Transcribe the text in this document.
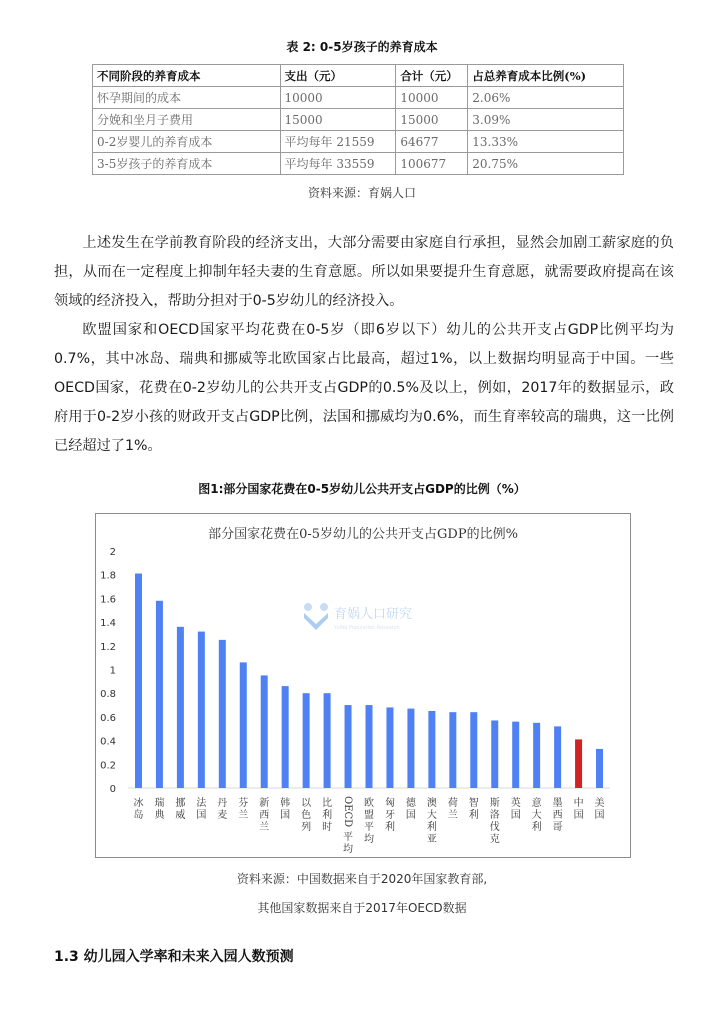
表 2: 0-5岁孩子的养育成本
不同阶段的养育成本	支出（元）	合计（元）	占总养育成本比例(%)
怀孕期间的成本	10000	10000	2.06%
分娩和坐月子费用	15000	15000	3.09%
0-2岁婴儿的养育成本	平均每年 21559	64677	13.33%
3-5岁孩子的养育成本	平均每年 33559	100677	20.75%
资料来源：育娲人口

上述发生在学前教育阶段的经济支出，大部分需要由家庭自行承担，显然会加剧工薪家庭的负担，从而在一定程度上抑制年轻夫妻的生育意愿。所以如果要提升生育意愿，就需要政府提高在该领域的经济投入，帮助分担对于0-5岁幼儿的经济投入。

欧盟国家和OECD国家平均花费在0-5岁（即6岁以下）幼儿的公共开支占GDP比例平均为0.7%，其中冰岛、瑞典和挪威等北欧国家占比最高，超过1%，以上数据均明显高于中国。一些OECD国家，花费在0-2岁幼儿的公共开支占GDP的0.5%及以上，例如，2017年的数据显示，政府用于0-2岁小孩的财政开支占GDP比例，法国和挪威均为0.6%，而生育率较高的瑞典，这一比例已经超过了1%。

图1:部分国家花费在0-5岁幼儿公共开支占GDP的比例（%）
部分国家花费在0-5岁幼儿的公共开支占GDP的比例%
育娲人口研究
YuWa Population Research
2
1.8
1.6
1.4
1.2
1
0.8
0.6
0.4
0.2
0
冰
岛
瑞
典
挪
威
法
国
丹
麦
芬
兰
新
西
兰
韩
国
以
色
列
比
利
时
OECD
平
均
欧
盟
平
均
匈
牙
利
德
国
澳
大
利
亚
荷
兰
智
利
斯
洛
伐
克
英
国
意
大
利
墨
西
哥
中
国
美
国
资料来源：中国数据来自于2020年国家教育部,
其他国家数据来自于2017年OECD数据
1.3 幼儿园入学率和未来入园人数预测
